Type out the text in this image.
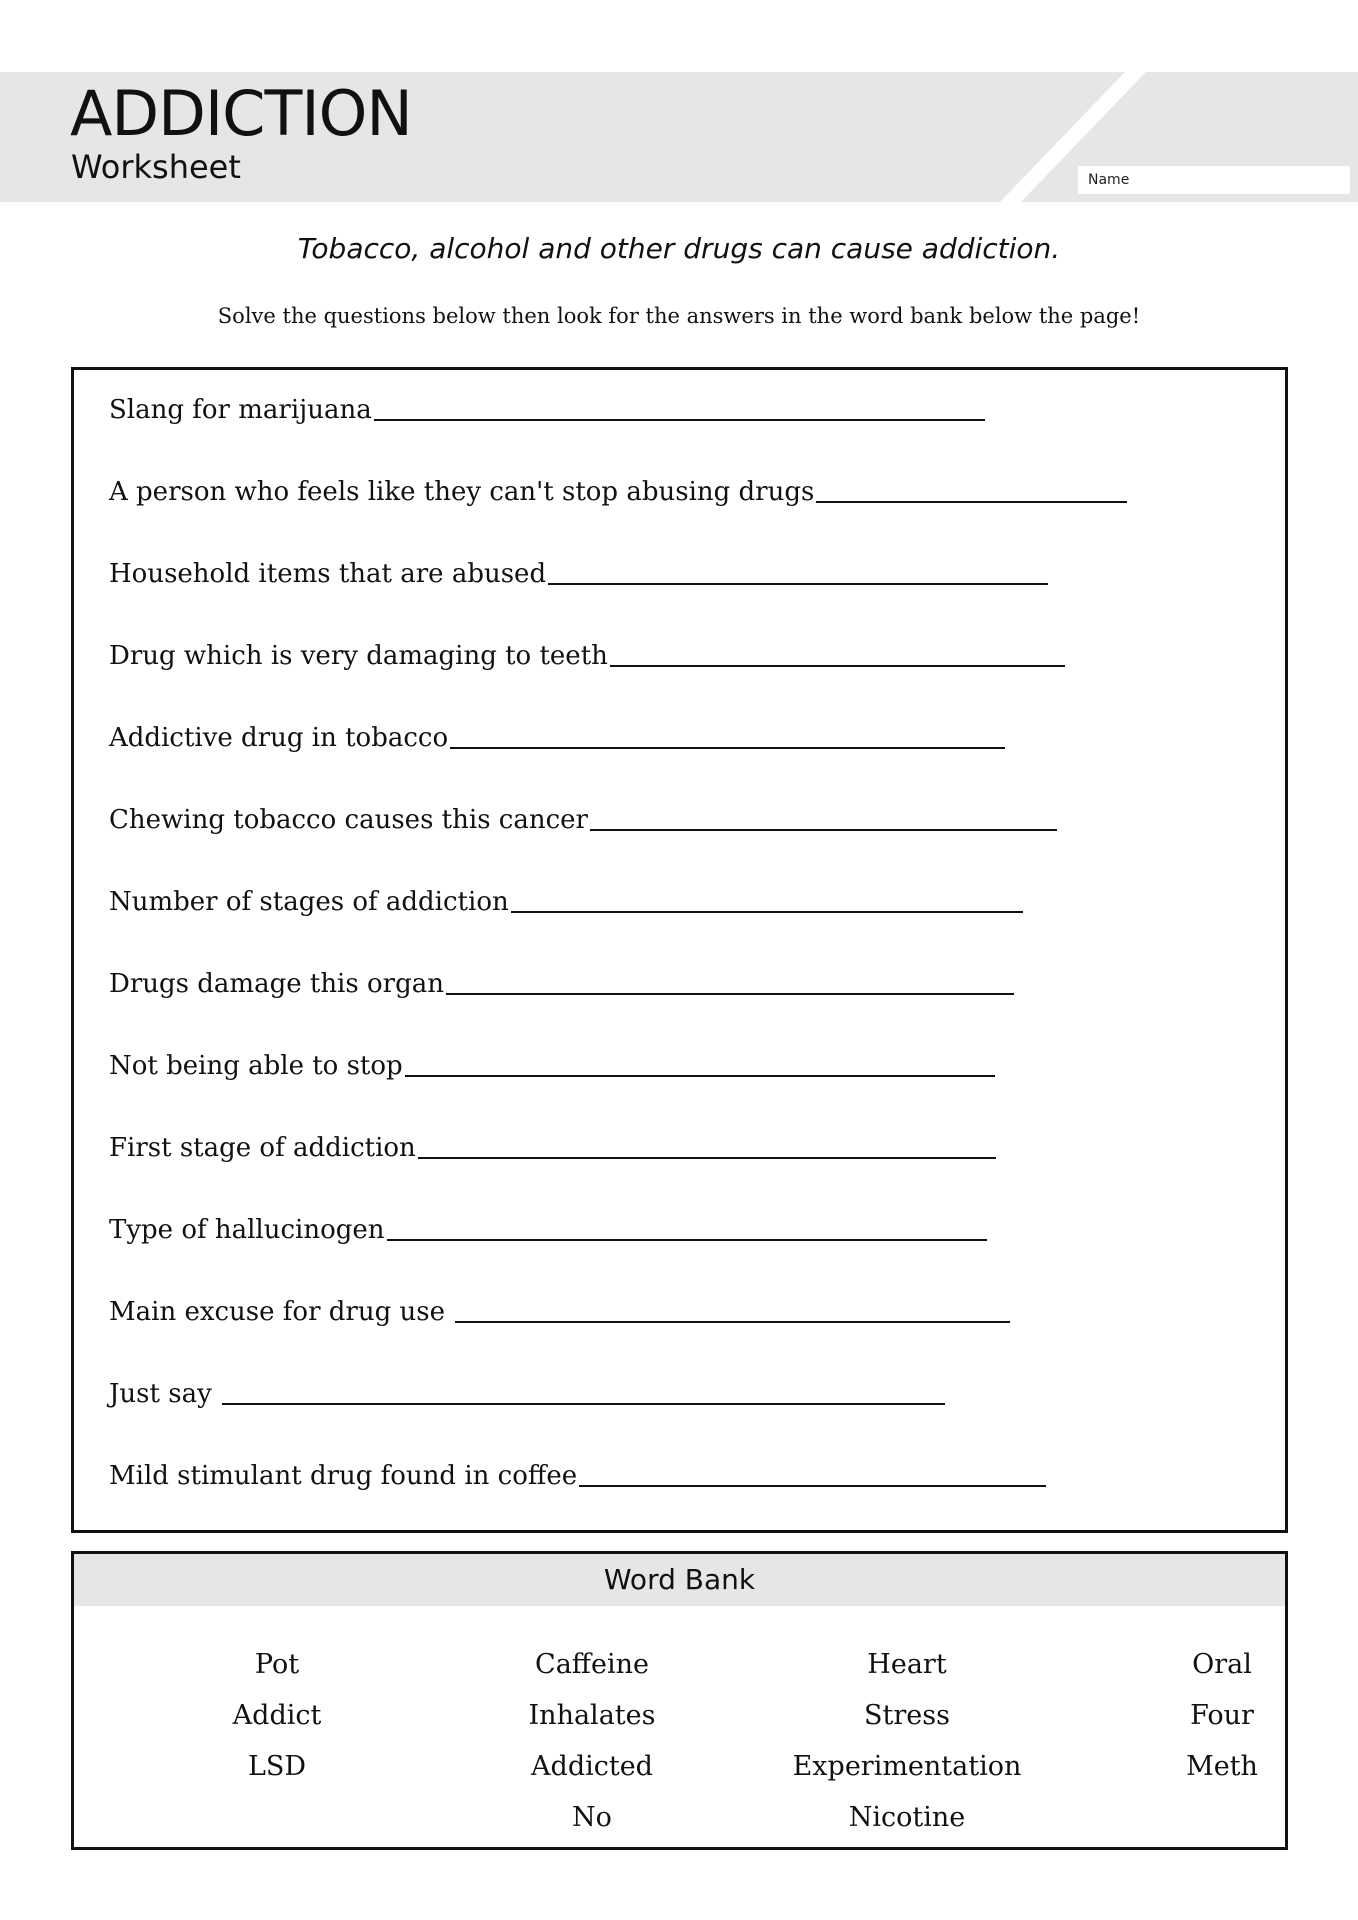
ADDICTION
Worksheet	Name
Tobacco, alcohol and other drugs can cause addiction.
Solve the questions below then look for the answers in the word bank below the page!
Slang for marijuana
A person who feels like they can't stop abusing drugs
Household items that are abused
Drug which is very damaging to teeth
Addictive drug in tobacco
Chewing tobacco causes this cancer
Number of stages of addiction
Drugs damage this organ
Not being able to stop
First stage of addiction
Type of hallucinogen
Main excuse for drug use
Just say
Mild stimulant drug found in coffee
Word Bank
Pot
Addict
LSD
Caffeine
Inhalates
Addicted
No
Heart
Stress
Experimentation
Nicotine
Oral
Four
Meth
